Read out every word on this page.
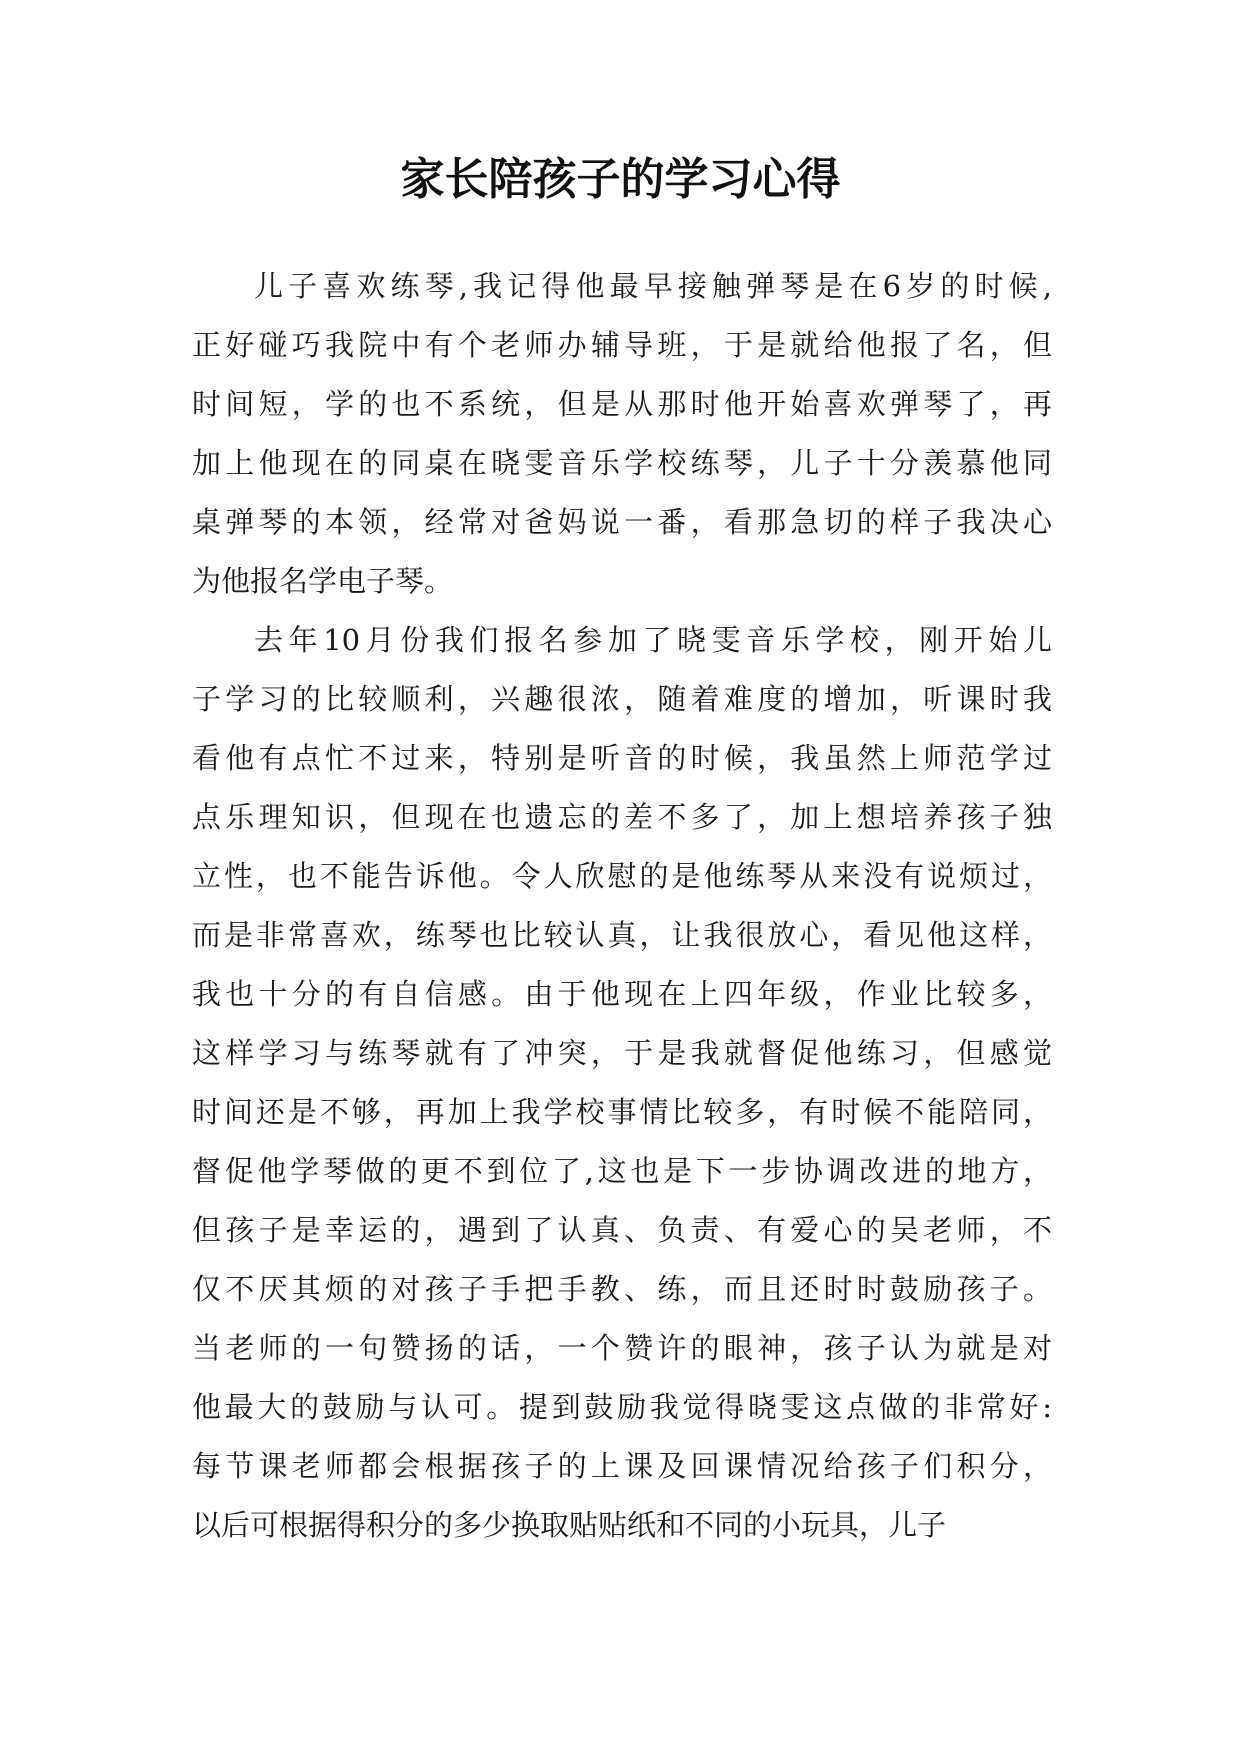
家长陪孩子的学习心得

儿子喜欢练琴,我记得他最早接触弹琴是在6岁的时候,
正好碰巧我院中有个老师办辅导班，于是就给他报了名，但
时间短，学的也不系统，但是从那时他开始喜欢弹琴了，再
加上他现在的同桌在晓雯音乐学校练琴，儿子十分羡慕他同
桌弹琴的本领，经常对爸妈说一番，看那急切的样子我决心
为他报名学电子琴。

去年10月份我们报名参加了晓雯音乐学校，刚开始儿
子学习的比较顺利，兴趣很浓，随着难度的增加，听课时我
看他有点忙不过来，特别是听音的时候，我虽然上师范学过
点乐理知识，但现在也遗忘的差不多了，加上想培养孩子独
立性，也不能告诉他。令人欣慰的是他练琴从来没有说烦过，
而是非常喜欢，练琴也比较认真，让我很放心，看见他这样，
我也十分的有自信感。由于他现在上四年级，作业比较多，
这样学习与练琴就有了冲突，于是我就督促他练习，但感觉
时间还是不够，再加上我学校事情比较多，有时候不能陪同，
督促他学琴做的更不到位了,这也是下一步协调改进的地方，
但孩子是幸运的，遇到了认真、负责、有爱心的吴老师，不
仅不厌其烦的对孩子手把手教、练，而且还时时鼓励孩子。
当老师的一句赞扬的话，一个赞许的眼神，孩子认为就是对
他最大的鼓励与认可。提到鼓励我觉得晓雯这点做的非常好:
每节课老师都会根据孩子的上课及回课情况给孩子们积分，
以后可根据得积分的多少换取贴贴纸和不同的小玩具，儿子
